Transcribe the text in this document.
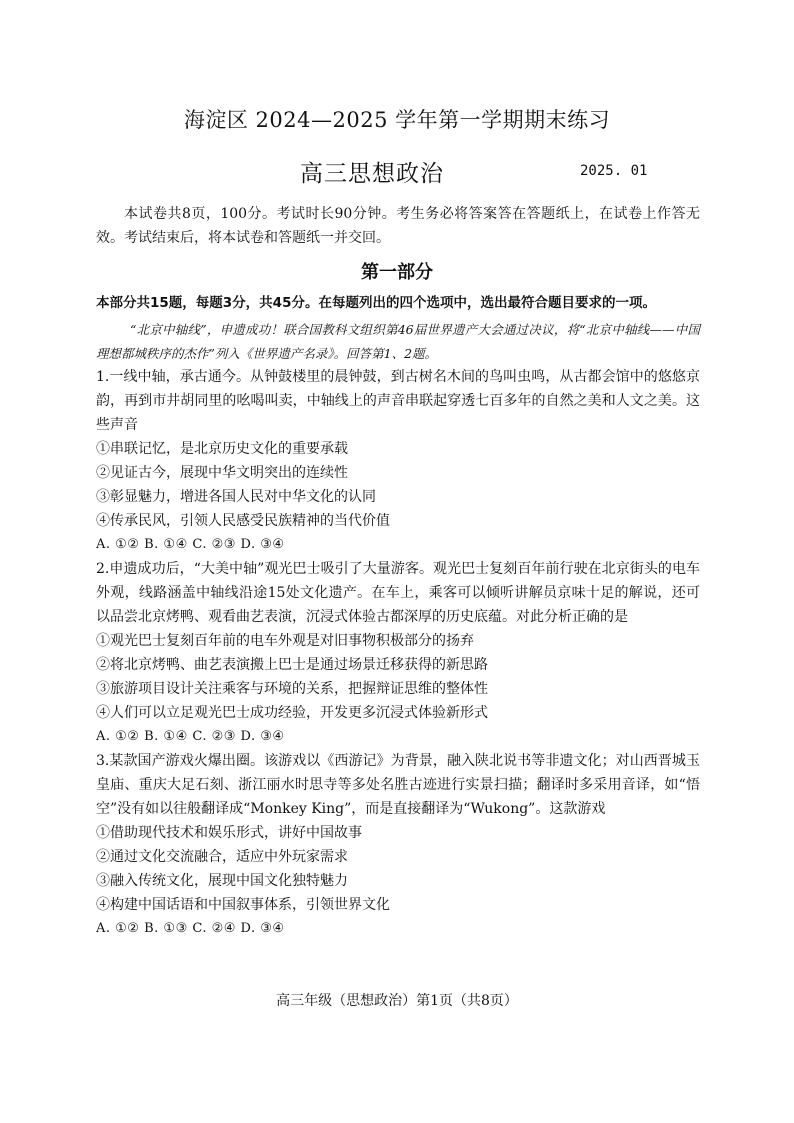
海淀区 2024—2025 学年第一学期期末练习
高三思想政治	2025. 01
本试卷共8页，100分。考试时长90分钟。考生务必将答案答在答题纸上，在试卷上作答无效。考试结束后，将本试卷和答题纸一并交回。
第一部分
本部分共15题，每题3分，共45分。在每题列出的四个选项中，选出最符合题目要求的一项。
“北京中轴线”，申遗成功！联合国教科文组织第46届世界遗产大会通过决议，将“北京中轴线——中国理想都城秩序的杰作”列入《世界遗产名录》。回答第1、2题。
1.一线中轴，承古通今。从钟鼓楼里的晨钟鼓，到古树名木间的鸟叫虫鸣，从古都会馆中的悠悠京韵，再到市井胡同里的吆喝叫卖，中轴线上的声音串联起穿透七百多年的自然之美和人文之美。这些声音
①串联记忆，是北京历史文化的重要承载
②见证古今，展现中华文明突出的连续性
③彰显魅力，增进各国人民对中华文化的认同
④传承民风，引领人民感受民族精神的当代价值
A. ①② B. ①④ C. ②③ D. ③④
2.申遗成功后，“大美中轴”观光巴士吸引了大量游客。观光巴士复刻百年前行驶在北京街头的电车外观，线路涵盖中轴线沿途15处文化遗产。在车上，乘客可以倾听讲解员京味十足的解说，还可以品尝北京烤鸭、观看曲艺表演，沉浸式体验古都深厚的历史底蕴。对此分析正确的是
①观光巴士复刻百年前的电车外观是对旧事物积极部分的扬弃
②将北京烤鸭、曲艺表演搬上巴士是通过场景迁移获得的新思路
③旅游项目设计关注乘客与环境的关系，把握辩证思维的整体性
④人们可以立足观光巴士成功经验，开发更多沉浸式体验新形式
A. ①② B. ①④ C. ②③ D. ③④
3.某款国产游戏火爆出圈。该游戏以《西游记》为背景，融入陕北说书等非遗文化；对山西晋城玉皇庙、重庆大足石刻、浙江丽水时思寺等多处名胜古迹进行实景扫描；翻译时多采用音译，如“悟空”没有如以往般翻译成“Monkey King”，而是直接翻译为“Wukong”。这款游戏
①借助现代技术和娱乐形式，讲好中国故事
②通过文化交流融合，适应中外玩家需求
③融入传统文化，展现中国文化独特魅力
④构建中国话语和中国叙事体系，引领世界文化
A. ①② B. ①③ C. ②④ D. ③④
高三年级（思想政治）第1页（共8页）
